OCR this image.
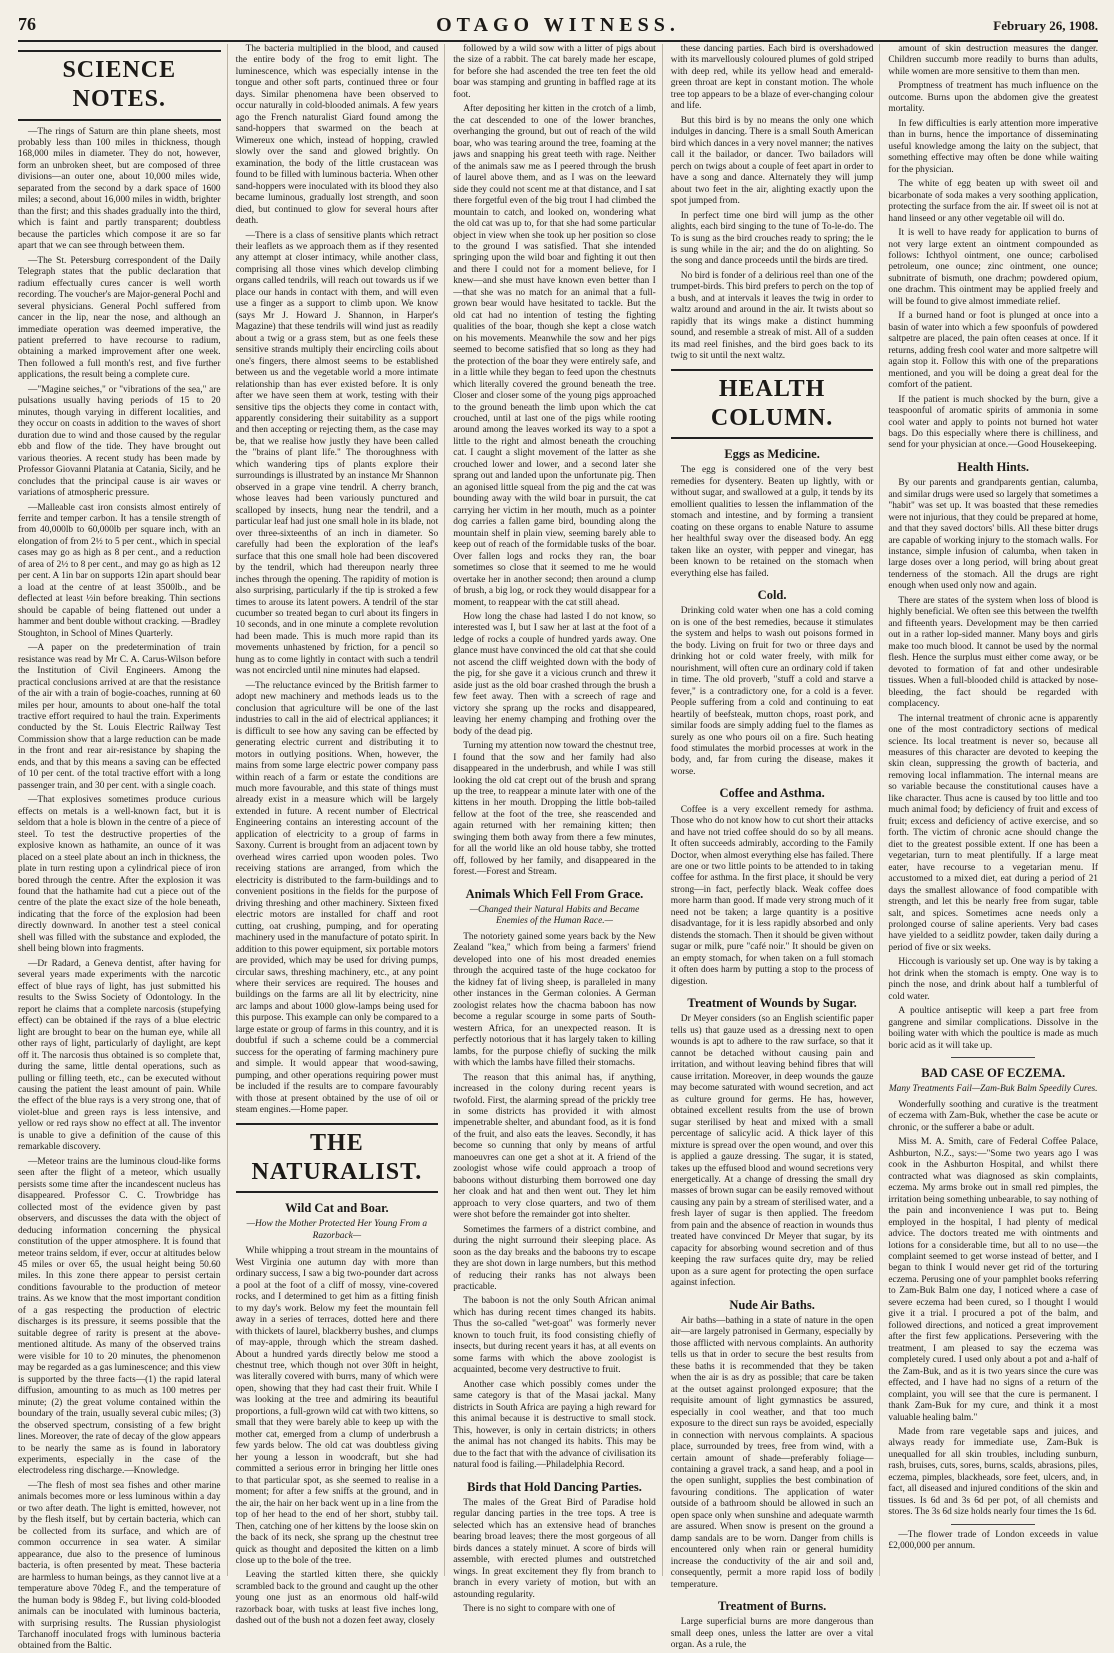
76	OTAGO WITNESS.	February 26, 1908.
SCIENCE NOTES.

—The rings of Saturn are thin plane sheets, most probably less than 100 miles in thickness, though 168,000 miles in diameter. They do not, however, form an unbroken sheet, but are composed of three divisions—an outer one, about 10,000 miles wide, separated from the second by a dark space of 1600 miles; a second, about 16,000 miles in width, brighter than the first; and this shades gradually into the third, which is faint and partly transparent; doubtless because the particles which compose it are so far apart that we can see through between them.

—The St. Petersburg correspondent of the Daily Telegraph states that the public declaration that radium effectually cures cancer is well worth recording. The voucher's are Major-general Pochl and several physicians. General Pochl suffered from cancer in the lip, near the nose, and although an immediate operation was deemed imperative, the patient preferred to have recourse to radium, obtaining a marked improvement after one week. Then followed a full month's rest, and five further applications, the result being a complete cure.

—"Magine seiches," or "vibrations of the sea," are pulsations usually having periods of 15 to 20 minutes, though varying in different localities, and they occur on coasts in addition to the waves of short duration due to wind and those caused by the regular ebb and flow of the tide. They have brought out various theories. A recent study has been made by Professor Giovanni Platania at Catania, Sicily, and he concludes that the principal cause is air waves or variations of atmospheric pressure.

—Malleable cast iron consists almost entirely of ferrite and temper carbon. It has a tensile strength of from 40,000lb to 60,000lb per square inch, with an elongation of from 2½ to 5 per cent., which in special cases may go as high as 8 per cent., and a reduction of area of 2½ to 8 per cent., and may go as high as 12 per cent. A 1in bar on supports 12in apart should bear a load at the centre of at least 3500lb., and be deflected at least ½in before breaking. Thin sections should be capable of being flattened out under a hammer and bent double without cracking. —Bradley Stoughton, in School of Mines Quarterly.

—A paper on the predetermination of train resistance was read by Mr C. A. Carus-Wilson before the Institution of Civil Engineers. Among the practical conclusions arrived at are that the resistance of the air with a train of bogie-coaches, running at 60 miles per hour, amounts to about one-half the total tractive effort required to haul the train. Experiments conducted by the St. Louis Electric Railway Test Commission show that a large reduction can be made in the front and rear air-resistance by shaping the ends, and that by this means a saving can be effected of 10 per cent. of the total tractive effort with a long passenger train, and 30 per cent. with a single coach.

—That explosives sometimes produce curious effects on metals is a well-known fact, but it is seldom that a hole is blown in the centre of a piece of steel. To test the destructive properties of the explosive known as hathamite, an ounce of it was placed on a steel plate about an inch in thickness, the plate in turn resting upon a cylindrical piece of iron bored through the centre. After the explosion it was found that the hathamite had cut a piece out of the centre of the plate the exact size of the hole beneath, indicating that the force of the explosion had been directly downward. In another test a steel conical shell was filled with the substance and exploded, the shell being blown into fragments.

—Dr Radard, a Geneva dentist, after having for several years made experiments with the narcotic effect of blue rays of light, has just submitted his results to the Swiss Society of Odontology. In the report he claims that a complete narcosis (stupefying effect) can be obtained if the rays of a blue electric light are brought to bear on the human eye, while all other rays of light, particularly of daylight, are kept off it. The narcosis thus obtained is so complete that, during the same, little dental operations, such as pulling or filling teeth, etc., can be executed without causing the patient the least amount of pain. While the effect of the blue rays is a very strong one, that of violet-blue and green rays is less intensive, and yellow or red rays show no effect at all. The inventor is unable to give a definition of the cause of this remarkable discovery.

—Meteor trains are the luminous cloud-like forms seen after the flight of a meteor, which usually persists some time after the incandescent nucleus has disappeared. Professor C. C. Trowbridge has collected most of the evidence given by past observers, and discusses the data with the object of deducing information concerning the physical constitution of the upper atmosphere. It is found that meteor trains seldom, if ever, occur at altitudes below 45 miles or over 65, the usual height being 50.60 miles. In this zone there appear to persist certain conditions favourable to the production of meteor trains. As we know that the most important condition of a gas respecting the production of electric discharges is its pressure, it seems possible that the suitable degree of rarity is present at the above-mentioned altitude. As many of the observed trains were visible for 10 to 20 minutes, the phenomenon may be regarded as a gas luminescence; and this view is supported by the three facts—(1) the rapid lateral diffusion, amounting to as much as 100 metres per minute; (2) the great volume contained within the boundary of the train, usually several cubic miles; (3) the observed spectrum, consisting of a few bright lines. Moreover, the rate of decay of the glow appears to be nearly the same as is found in laboratory experiments, especially in the case of the electrodeless ring discharge.—Knowledge.

—The flesh of most sea fishes and other marine animals becomes more or less luminous within a day or two after death. The light is emitted, however, not by the flesh itself, but by certain bacteria, which can be collected from its surface, and which are of common occurrence in sea water. A similar appearance, due also to the presence of luminous bacteria, is often presented by meat. These bacteria are harmless to human beings, as they cannot live at a temperature above 70deg F., and the temperature of the human body is 98deg F., but living cold-blooded animals can be inoculated with luminous bacteria, with surprising results. The Russian physiologist Tarchanoff inoculated frogs with luminous bacteria obtained from the Baltic.

The bacteria multiplied in the blood, and caused the entire body of the frog to emit light. The luminescence, which was especially intense in the tongue and other soft parts, continued three or four days. Similar phenomena have been observed to occur naturally in cold-blooded animals. A few years ago the French naturalist Giard found among the sand-hoppers that swarmed on the beach at Wimereux one which, instead of hopping, crawled slowly over the sand and glowed brightly. On examination, the body of the little crustacean was found to be filled with luminous bacteria. When other sand-hoppers were inoculated with its blood they also became luminous, gradually lost strength, and soon died, but continued to glow for several hours after death.

—There is a class of sensitive plants which retract their leaflets as we approach them as if they resented any attempt at closer intimacy, while another class, comprising all those vines which develop climbing organs called tendrils, will reach out towards us if we place our hands in contact with them, and will even use a finger as a support to climb upon. We know (says Mr J. Howard J. Shannon, in Harper's Magazine) that these tendrils will wind just as readily about a twig or a grass stem, but as one feels these sensitive strands multiply their encircling coils about one's fingers, there almost seems to be established between us and the vegetable world a more intimate relationship than has ever existed before. It is only after we have seen them at work, testing with their sensitive tips the objects they come in contact with, apparently considering their suitability as a support and then accepting or rejecting them, as the case may be, that we realise how justly they have been called the "brains of plant life." The thoroughness with which wandering tips of plants explore their surroundings is illustrated by an instance Mr Shannon observed in a grape vine tendril. A cherry branch, whose leaves had been variously punctured and scalloped by insects, hung near the tendril, and a particular leaf had just one small hole in its blade, not over three-sixteenths of an inch in diameter. So carefully had been the exploration of the leaf's surface that this one small hole had been discovered by the tendril, which had thereupon nearly three inches through the opening. The rapidity of motion is also surprising, particularly if the tip is stroked a few times to arouse its latent powers. A tendril of the star cucumber so treated began to curl about its fingers in 10 seconds, and in one minute a complete revolution had been made. This is much more rapid than its movements unhastened by friction, for a pencil so hung as to come lightly in contact with such a tendril was not encircled until nine minutes had elapsed.

—The reluctance evinced by the British farmer to adopt new machinery and methods leads us to the conclusion that agriculture will be one of the last industries to call in the aid of electrical appliances; it is difficult to see how any saving can be effected by generating electric current and distributing it to motors in outlying positions. When, however, the mains from some large electric power company pass within reach of a farm or estate the conditions are much more favourable, and this state of things must already exist in a measure which will be largely extended in future. A recent number of Electrical Engineering contains an interesting account of the application of electricity to a group of farms in Saxony. Current is brought from an adjacent town by overhead wires carried upon wooden poles. Two receiving stations are arranged, from which the electricity is distributed to the farm-buildings and to convenient positions in the fields for the purpose of driving threshing and other machinery. Sixteen fixed electric motors are installed for chaff and root cutting, oat crushing, pumping, and for operating machinery used in the manufacture of potato spirit. In addition to this power equipment, six portable motors are provided, which may be used for driving pumps, circular saws, threshing machinery, etc., at any point where their services are required. The houses and buildings on the farms are all lit by electricity, nine arc lamps and about 1000 glow-lamps being used for this purpose. This example can only be compared to a large estate or group of farms in this country, and it is doubtful if such a scheme could be a commercial success for the operating of farming machinery pure and simple. It would appear that wood-sawing, pumping, and other operations requiring power must be included if the results are to compare favourably with those at present obtained by the use of oil or steam engines.—Home paper.

THE NATURALIST.
Wild Cat and Boar.
—How the Mother Protected Her Young From a Razorback—

While whipping a trout stream in the mountains of West Virginia one autumn day with more than ordinary success, I saw a big two-pounder dart across a pool at the foot of a cliff of mossy, vine-covered rocks, and I determined to get him as a fitting finish to my day's work. Below my feet the mountain fell away in a series of terraces, dotted here and there with thickets of laurel, blackberry bushes, and clumps of may-apple, through which the stream dashed. About a hundred yards directly below me stood a chestnut tree, which though not over 30ft in height, was literally covered with burrs, many of which were open, showing that they had cast their fruit. While I was looking at the tree and admiring its beautiful proportions, a full-grown wild cat with two kittens, so small that they were barely able to keep up with the mother cat, emerged from a clump of underbrush a few yards below. The old cat was doubtless giving her young a lesson in woodcraft, but she had committed a serious error in bringing her little ones to that particular spot, as she seemed to realise in a moment; for after a few sniffs at the ground, and in the air, the hair on her back went up in a line from the top of her head to the end of her short, stubby tail. Then, catching one of her kittens by the loose skin on the back of its neck, she sprang up the chestnut tree quick as thought and deposited the kitten on a limb close up to the bole of the tree.

Leaving the startled kitten there, she quickly scrambled back to the ground and caught up the other young one just as an enormous old half-wild razorback boar, with tusks at least five inches long, dashed out of the bush not a dozen feet away, closely

followed by a wild sow with a litter of pigs about the size of a rabbit. The cat barely made her escape, for before she had ascended the tree ten feet the old boar was stamping and grunting in baffled rage at its foot.

After depositing her kitten in the crotch of a limb, the cat descended to one of the lower branches, overhanging the ground, but out of reach of the wild boar, who was tearing around the tree, foaming at the jaws and snapping his great teeth with rage. Neither of the animals saw me as I peered through the brush of laurel above them, and as I was on the leeward side they could not scent me at that distance, and I sat there forgetful even of the big trout I had climbed the mountain to catch, and looked on, wondering what the old cat was up to, for that she had some particular object in view when she took up her position so close to the ground I was satisfied. That she intended springing upon the wild boar and fighting it out then and there I could not for a moment believe, for I knew—and she must have known even better than I—that she was no match for an animal that a full-grown bear would have hesitated to tackle. But the old cat had no intention of testing the fighting qualities of the boar, though she kept a close watch on his movements. Meanwhile the sow and her pigs seemed to become satisfied that so long as they had the protection of the boar they were entirely safe, and in a little while they began to feed upon the chestnuts which literally covered the ground beneath the tree. Closer and closer some of the young pigs approached to the ground beneath the limb upon which the cat crouched, until at last one of the pigs while rooting around among the leaves worked its way to a spot a little to the right and almost beneath the crouching cat. I caught a slight movement of the latter as she crouched lower and lower, and a second later she sprang out and landed upon the unfortunate pig. Then an agonised little squeal from the pig and the cat was bounding away with the wild boar in pursuit, the cat carrying her victim in her mouth, much as a pointer dog carries a fallen game bird, bounding along the mountain shelf in plain view, seeming barely able to keep out of reach of the formidable tusks of the boar. Over fallen logs and rocks they ran, the boar sometimes so close that it seemed to me he would overtake her in another second; then around a clump of brush, a big log, or rock they would disappear for a moment, to reappear with the cat still ahead.

How long the chase had lasted I do not know, so interested was I, but I saw her at last at the foot of a ledge of rocks a couple of hundred yards away. One glance must have convinced the old cat that she could not ascend the cliff weighted down with the body of the pig, for she gave it a vicious crunch and threw it aside just as the old boar crashed through the brush a few feet away. Then with a screech of rage and victory she sprang up the rocks and disappeared, leaving her enemy champing and frothing over the body of the dead pig.

Turning my attention now toward the chestnut tree, I found that the sow and her family had also disappeared in the underbrush, and while I was still looking the old cat crept out of the brush and sprang up the tree, to reappear a minute later with one of the kittens in her mouth. Dropping the little bob-tailed fellow at the foot of the tree, she reascended and again returned with her remaining kitten; then swinging them both away from there a few minutes, for all the world like an old house tabby, she trotted off, followed by her family, and disappeared in the forest.—Forest and Stream.

Animals Which Fell From Grace.
—Changed their Natural Habits and Became Enemies of the Human Race.—

The notoriety gained some years back by the New Zealand "kea," which from being a farmers' friend developed into one of his most dreaded enemies through the acquired taste of the huge cockatoo for the kidney fat of living sheep, is paralleled in many other instances in the German colonies. A German zoologist relates how the chacma baboon has now become a regular scourge in some parts of South-western Africa, for an unexpected reason. It is perfectly notorious that it has largely taken to killing lambs, for the purpose chiefly of sucking the milk with which the lambs have filled their stomachs.

The reason that this animal has, if anything, increased in the colony during recent years is twofold. First, the alarming spread of the prickly tree in some districts has provided it with almost impenetrable shelter, and abundant food, as it is fond of the fruit, and also eats the leaves. Secondly, it has become so cunning that only by means of artful manoeuvres can one get a shot at it. A friend of the zoologist whose wife could approach a troop of baboons without disturbing them borrowed one day her cloak and hat and then went out. They let him approach to very close quarters, and two of them were shot before the remainder got into shelter.

Sometimes the farmers of a district combine, and during the night surround their sleeping place. As soon as the day breaks and the baboons try to escape they are shot down in large numbers, but this method of reducing their ranks has not always been practicable.

The baboon is not the only South African animal which has during recent times changed its habits. Thus the so-called "wet-goat" was formerly never known to touch fruit, its food consisting chiefly of insects, but during recent years it has, at all events on some farms with which the above zoologist is acquainted, become very destructive to fruit.

Another case which possibly comes under the same category is that of the Masai jackal. Many districts in South Africa are paying a high reward for this animal because it is destructive to small stock. This, however, is only in certain districts; in others the animal has not changed its habits. This may be due to the fact that with the advance of civilisation its natural food is failing.—Philadelphia Record.

Birds that Hold Dancing Parties.

The males of the Great Bird of Paradise hold regular dancing parties in the tree tops. A tree is selected which has an extensive head of branches bearing broad leaves; there the most gorgeous of all birds dances a stately minuet. A score of birds will assemble, with erected plumes and outstretched wings. In great excitement they fly from branch to branch in every variety of motion, but with an astounding regularity.

There is no sight to compare with one of

these dancing parties. Each bird is overshadowed with its marvellously coloured plumes of gold striped with deep red, while its yellow head and emerald-green throat are kept in constant motion. The whole tree top appears to be a blaze of ever-changing colour and life.

But this bird is by no means the only one which indulges in dancing. There is a small South American bird which dances in a very novel manner; the natives call it the bailador, or dancer. Two bailadors will perch on twigs about a couple of feet apart in order to have a song and dance. Alternately they will jump about two feet in the air, alighting exactly upon the spot jumped from.

In perfect time one bird will jump as the other alights, each bird singing to the tune of To-le-do. The To is sung as the bird crouches ready to spring; the le is sung while in the air; and the do on alighting. So the song and dance proceeds until the birds are tired.

No bird is fonder of a delirious reel than one of the trumpet-birds. This bird prefers to perch on the top of a bush, and at intervals it leaves the twig in order to waltz around and around in the air. It twists about so rapidly that its wings make a distinct humming sound, and resemble a streak of mist. All of a sudden its mad reel finishes, and the bird goes back to its twig to sit until the next waltz.

HEALTH COLUMN.
Eggs as Medicine.

The egg is considered one of the very best remedies for dysentery. Beaten up lightly, with or without sugar, and swallowed at a gulp, it tends by its emollient qualities to lessen the inflammation of the stomach and intestine, and by forming a transient coating on these organs to enable Nature to assume her healthful sway over the diseased body. An egg taken like an oyster, with pepper and vinegar, has been known to be retained on the stomach when everything else has failed.

Cold.

Drinking cold water when one has a cold coming on is one of the best remedies, because it stimulates the system and helps to wash out poisons formed in the body. Living on fruit for two or three days and drinking hot or cold water freely, with milk for nourishment, will often cure an ordinary cold if taken in time. The old proverb, "stuff a cold and starve a fever," is a contradictory one, for a cold is a fever. People suffering from a cold and continuing to eat heartily of beefsteak, mutton chops, roast pork, and similar foods are simply adding fuel to the flames as surely as one who pours oil on a fire. Such heating food stimulates the morbid processes at work in the body, and, far from curing the disease, makes it worse.

Coffee and Asthma.

Coffee is a very excellent remedy for asthma. Those who do not know how to cut short their attacks and have not tried coffee should do so by all means. It often succeeds admirably, according to the Family Doctor, when almost everything else has failed. There are one or two little points to be attended to in taking coffee for asthma. In the first place, it should be very strong—in fact, perfectly black. Weak coffee does more harm than good. If made very strong much of it need not be taken; a large quantity is a positive disadvantage, for it is less rapidly absorbed and only distends the stomach. Then it should be given without sugar or milk, pure "café noir." It should be given on an empty stomach, for when taken on a full stomach it often does harm by putting a stop to the process of digestion.

Treatment of Wounds by Sugar.

Dr Meyer considers (so an English scientific paper tells us) that gauze used as a dressing next to open wounds is apt to adhere to the raw surface, so that it cannot be detached without causing pain and irritation, and without leaving behind fibres that will cause irritation. Moreover, in deep wounds the gauze may become saturated with wound secretion, and act as culture ground for germs. He has, however, obtained excellent results from the use of brown sugar sterilised by heat and mixed with a small percentage of salicylic acid. A thick layer of this mixture is spread over the open wound, and over this is applied a gauze dressing. The sugar, it is stated, takes up the effused blood and wound secretions very energetically. At a change of dressing the small dry masses of brown sugar can be easily removed without causing any pain by a stream of sterilised water, and a fresh layer of sugar is then applied. The freedom from pain and the absence of reaction in wounds thus treated have convinced Dr Meyer that sugar, by its capacity for absorbing wound secretion and of thus keeping the raw surfaces quite dry, may be relied upon as a sure agent for protecting the open surface against infection.

Nude Air Baths.

Air baths—bathing in a state of nature in the open air—are largely patronised in Germany, especially by those afflicted with nervous complaints. An authority tells us that in order to secure the best results from these baths it is recommended that they be taken when the air is as dry as possible; that care be taken at the outset against prolonged exposure; that the requisite amount of light gymnastics be assured, especially in cool weather, and that too much exposure to the direct sun rays be avoided, especially in connection with nervous complaints. A spacious place, surrounded by trees, free from wind, with a certain amount of shade—preferably foliage—containing a gravel track, a sand heap, and a pool in the open sunlight, supplies the best combination of favouring conditions. The application of water outside of a bathroom should be allowed in such an open space only when sunshine and adequate warmth are assured. When snow is present on the ground a damp sandals are to be worn. Danger from chills is encountered only when rain or general humidity increase the conductivity of the air and soil and, consequently, permit a more rapid loss of bodily temperature.

Treatment of Burns.

Large superficial burns are more dangerous than small deep ones, unless the latter are over a vital organ. As a rule, the

amount of skin destruction measures the danger. Children succumb more readily to burns than adults, while women are more sensitive to them than men.

Promptness of treatment has much influence on the outcome. Burns upon the abdomen give the greatest mortality.

In few difficulties is early attention more imperative than in burns, hence the importance of disseminating useful knowledge among the laity on the subject, that something effective may often be done while waiting for the physician.

The white of egg beaten up with sweet oil and bicarbonate of soda makes a very soothing application, protecting the surface from the air. If sweet oil is not at hand linseed or any other vegetable oil will do.

It is well to have ready for application to burns of not very large extent an ointment compounded as follows: Ichthyol ointment, one ounce; carbolised petroleum, one ounce; zinc ointment, one ounce; subnitrate of bismuth, one drachm; powdered opium, one drachm. This ointment may be applied freely and will be found to give almost immediate relief.

If a burned hand or foot is plunged at once into a basin of water into which a few spoonfuls of powdered saltpetre are placed, the pain often ceases at once. If it returns, adding fresh cool water and more saltpetre will again stop it. Follow this with one of the preparations mentioned, and you will be doing a great deal for the comfort of the patient.

If the patient is much shocked by the burn, give a teaspoonful of aromatic spirits of ammonia in some cool water and apply to points not burned hot water bags. Do this especially where there is chilliness, and send for your physician at once.—Good Housekeeping.

Health Hints.

By our parents and grandparents gentian, calumba, and similar drugs were used so largely that sometimes a "habit" was set up. It was boasted that these remedies were not injurious, that they could be prepared at home, and that they saved doctors' bills. All these bitter drugs are capable of working injury to the stomach walls. For instance, simple infusion of calumba, when taken in large doses over a long period, will bring about great tenderness of the stomach. All the drugs are right enough when used only now and again.

There are states of the system when loss of blood is highly beneficial. We often see this between the twelfth and fifteenth years. Development may be then carried out in a rather lop-sided manner. Many boys and girls make too much blood. It cannot be used by the normal flesh. Hence the surplus must either come away, or be devoted to formation of fat and other undesirable tissues. When a full-blooded child is attacked by nose-bleeding, the fact should be regarded with complacency.

The internal treatment of chronic acne is apparently one of the most contradictory sections of medical science. Its local treatment is never so, because all measures of this character are devoted to keeping the skin clean, suppressing the growth of bacteria, and removing local inflammation. The internal means are so variable because the constitutional causes have a like character. Thus acne is caused by too little and too much animal food; by deficiency of fruit and excess of fruit; excess and deficiency of active exercise, and so forth. The victim of chronic acne should change the diet to the greatest possible extent. If one has been a vegetarian, turn to meat plentifully. If a large meat eater, have recourse to a vegetarian menu. If accustomed to a mixed diet, eat during a period of 21 days the smallest allowance of food compatible with strength, and let this be nearly free from sugar, table salt, and spices. Sometimes acne needs only a prolonged course of saline aperients. Very bad cases have yielded to a seidlitz powder, taken daily during a period of five or six weeks.

Hiccough is variously set up. One way is by taking a hot drink when the stomach is empty. One way is to pinch the nose, and drink about half a tumblerful of cold water.

A poultice antiseptic will keep a part free from gangrene and similar complications. Dissolve in the boiling water with which the poultice is made as much boric acid as it will take up.

BAD CASE OF ECZEMA.
Many Treatments Fail—Zam-Buk Balm Speedily Cures.

Wonderfully soothing and curative is the treatment of eczema with Zam-Buk, whether the case be acute or chronic, or the sufferer a babe or adult.

Miss M. A. Smith, care of Federal Coffee Palace, Ashburton, N.Z., says:—"Some two years ago I was cook in the Ashburton Hospital, and whilst there contracted what was diagnosed as skin complaints, eczema. My arms broke out in small red pimples, the irritation being something unbearable, to say nothing of the pain and inconvenience I was put to. Being employed in the hospital, I had plenty of medical advice. The doctors treated me with ointments and lotions for a considerable time, but all to no use—the complaint seemed to get worse instead of better, and I began to think I would never get rid of the torturing eczema. Perusing one of your pamphlet books referring to Zam-Buk Balm one day, I noticed where a case of severe eczema had been cured, so I thought I would give it a trial. I procured a pot of the balm, and followed directions, and noticed a great improvement after the first few applications. Persevering with the treatment, I am pleased to say the eczema was completely cured. I used only about a pot and a-half of the Zam-Buk, and as it is two years since the cure was effected, and I have had no signs of a return of the complaint, you will see that the cure is permanent. I thank Zam-Buk for my cure, and think it a most valuable healing balm."

Made from rare vegetable saps and juices, and always ready for immediate use, Zam-Buk is unequalled for all skin troubles, including sunburn, rash, bruises, cuts, sores, burns, scalds, abrasions, piles, eczema, pimples, blackheads, sore feet, ulcers, and, in fact, all diseased and injured conditions of the skin and tissues. Is 6d and 3s 6d per pot, of all chemists and stores. The 3s 6d size holds nearly four times the 1s 6d.

—The flower trade of London exceeds in value £2,000,000 per annum.
